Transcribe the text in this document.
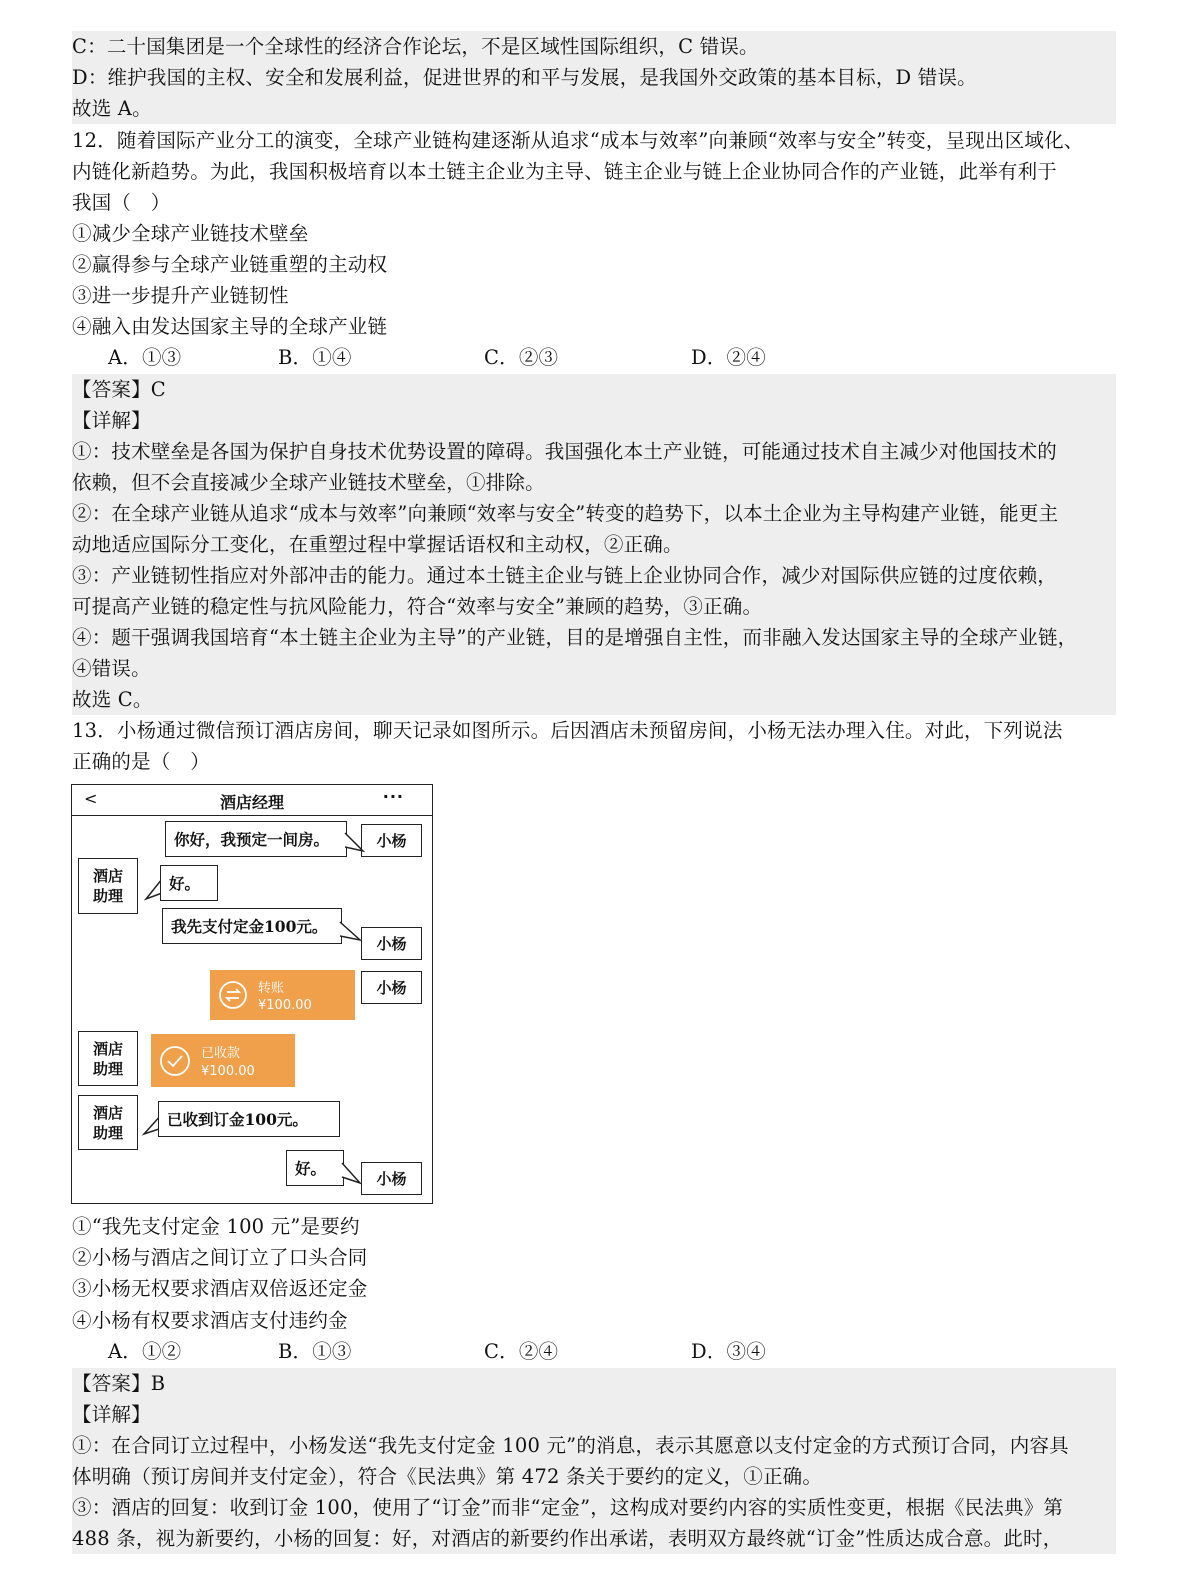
C：二十国集团是一个全球性的经济合作论坛，不是区域性国际组织，C 错误。
D：维护我国的主权、安全和发展利益，促进世界的和平与发展，是我国外交政策的基本目标，D 错误。
故选 A。
12．随着国际产业分工的演变，全球产业链构建逐渐从追求“成本与效率”向兼顾“效率与安全”转变，呈现出区域化、
内链化新趋势。为此，我国积极培育以本土链主企业为主导、链主企业与链上企业协同合作的产业链，此举有利于
我国（　）
①减少全球产业链技术壁垒
②赢得参与全球产业链重塑的主动权
③进一步提升产业链韧性
④融入由发达国家主导的全球产业链
A．①③	B．①④	C．②③	D．②④
【答案】C
【详解】
①：技术壁垒是各国为保护自身技术优势设置的障碍。我国强化本土产业链，可能通过技术自主减少对他国技术的
依赖，但不会直接减少全球产业链技术壁垒，①排除。
②：在全球产业链从追求“成本与效率”向兼顾“效率与安全”转变的趋势下，以本土企业为主导构建产业链，能更主
动地适应国际分工变化，在重塑过程中掌握话语权和主动权，②正确。
③：产业链韧性指应对外部冲击的能力。通过本土链主企业与链上企业协同合作，减少对国际供应链的过度依赖，
可提高产业链的稳定性与抗风险能力，符合“效率与安全”兼顾的趋势，③正确。
④：题干强调我国培育“本土链主企业为主导”的产业链，目的是增强自主性，而非融入发达国家主导的全球产业链，
④错误。
故选 C。
13．小杨通过微信预订酒店房间，聊天记录如图所示。后因酒店未预留房间，小杨无法办理入住。对此，下列说法
正确的是（　）
<	酒店经理	···
你好，我预定一间房。	小杨
酒店助理
好。
我先支付定金100元。
小杨
转账
¥100.00
小杨
酒店助理
已收款
¥100.00
酒店助理
已收到订金100元。
好。
小杨
①“我先支付定金 100 元”是要约
②小杨与酒店之间订立了口头合同
③小杨无权要求酒店双倍返还定金
④小杨有权要求酒店支付违约金
A．①②	B．①③	C．②④	D．③④
【答案】B
【详解】
①：在合同订立过程中，小杨发送“我先支付定金 100 元”的消息，表示其愿意以支付定金的方式预订合同，内容具
体明确（预订房间并支付定金），符合《民法典》第 472 条关于要约的定义，①正确。
③：酒店的回复：收到订金 100，使用了“订金”而非“定金”，这构成对要约内容的实质性变更，根据《民法典》第
488 条，视为新要约，小杨的回复：好，对酒店的新要约作出承诺，表明双方最终就“订金”性质达成合意。此时，
